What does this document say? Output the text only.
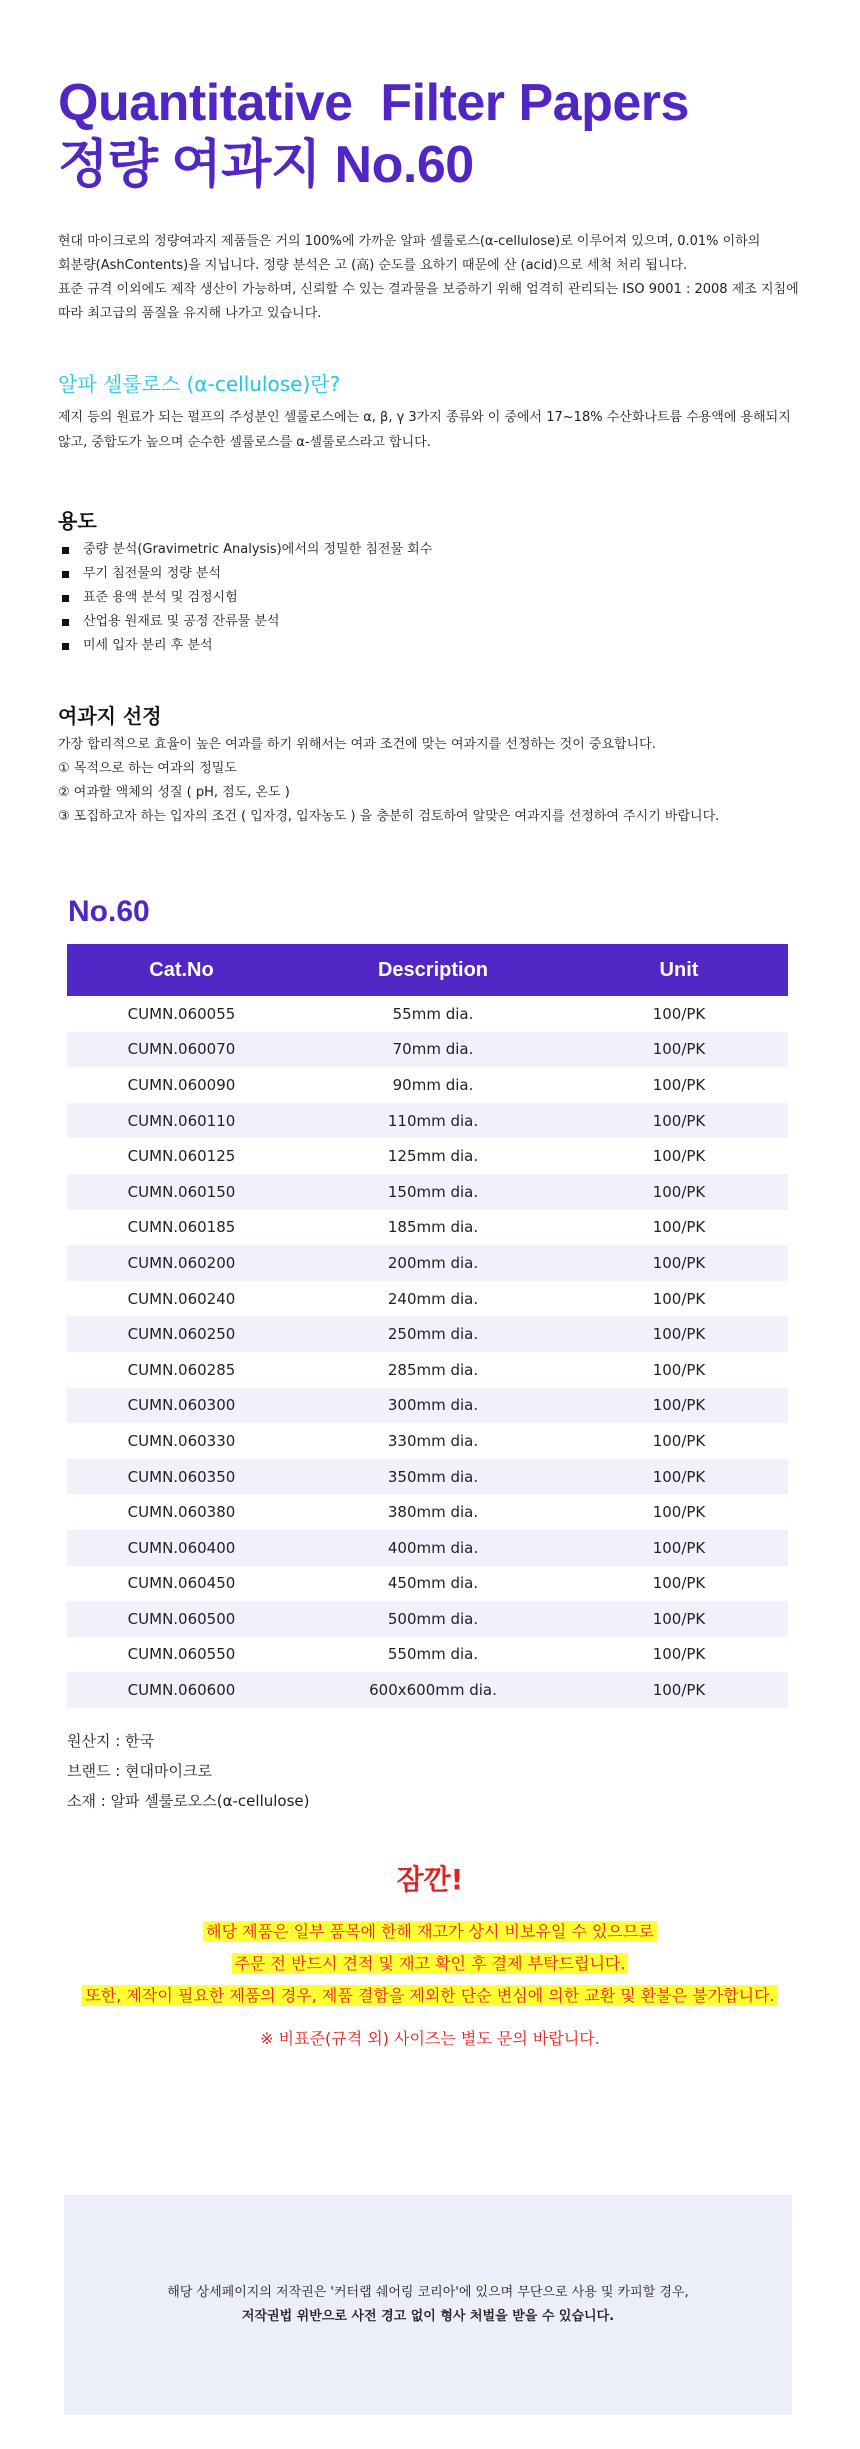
Quantitative  Filter Papers
정량 여과지 No.60

현대 마이크로의 정량여과지 제품들은 거의 100%에 가까운 알파 셀룰로스(α-cellulose)로 이루어져 있으며, 0.01% 이하의

회분량(AshContents)을 지닙니다. 정량 분석은 고 (高) 순도를 요하기 때문에 산 (acid)으로 세척 처리 됩니다.

표준 규격 이외에도 제작 생산이 가능하며, 신뢰할 수 있는 결과물을 보증하기 위해 엄격히 관리되는 ISO 9001 : 2008 제조 지침에

따라 최고급의 품질을 유지해 나가고 있습니다.

알파 셀룰로스 (α-cellulose)란?

제지 등의 원료가 되는 펄프의 주성분인 셀룰로스에는 α, β, γ 3가지 종류와 이 중에서 17~18% 수산화나트륨 수용액에 용해되지

않고, 중합도가 높으며 순수한 셀룰로스를 α-셀룰로스라고 합니다.

용도
중량 분석(Gravimetric Analysis)에서의 정밀한 침전물 회수
무기 침전물의 정량 분석
표준 용액 분석 및 검정시험
산업용 원재료 및 공정 잔류물 분석
미세 입자 분리 후 분석
여과지 선정

가장 합리적으로 효율이 높은 여과를 하기 위해서는 여과 조건에 맞는 여과지를 선정하는 것이 중요합니다.

① 목적으로 하는 여과의 정밀도

② 여과할 액체의 성질 ( pH, 점도, 온도 )

③ 포집하고자 하는 입자의 조건 ( 입자경, 입자농도 ) 을 충분히 검토하여 알맞은 여과지를 선정하여 주시기 바랍니다.

No.60
Cat.No	Description	Unit
CUMN.060055	55mm dia.	100/PK
CUMN.060070	70mm dia.	100/PK
CUMN.060090	90mm dia.	100/PK
CUMN.060110	110mm dia.	100/PK
CUMN.060125	125mm dia.	100/PK
CUMN.060150	150mm dia.	100/PK
CUMN.060185	185mm dia.	100/PK
CUMN.060200	200mm dia.	100/PK
CUMN.060240	240mm dia.	100/PK
CUMN.060250	250mm dia.	100/PK
CUMN.060285	285mm dia.	100/PK
CUMN.060300	300mm dia.	100/PK
CUMN.060330	330mm dia.	100/PK
CUMN.060350	350mm dia.	100/PK
CUMN.060380	380mm dia.	100/PK
CUMN.060400	400mm dia.	100/PK
CUMN.060450	450mm dia.	100/PK
CUMN.060500	500mm dia.	100/PK
CUMN.060550	550mm dia.	100/PK
CUMN.060600	600x600mm dia.	100/PK

원산지 : 한국

브랜드 : 현대마이크로

소재 : 알파 셀룰로오스(α-cellulose)

잠깐!

해당 제품은 일부 품목에 한해 재고가 상시 비보유일 수 있으므로

주문 전 반드시 견적 및 재고 확인 후 결제 부탁드립니다.

또한, 제작이 필요한 제품의 경우, 제품 결함을 제외한 단순 변심에 의한 교환 및 환불은 불가합니다.

※ 비표준(규격 외) 사이즈는 별도 문의 바랍니다.

해당 상세페이지의 저작권은 '커터랩 쉐어링 코리아'에 있으며 무단으로 사용 및 카피할 경우,

저작권법 위반으로 사전 경고 없이 형사 처벌을 받을 수 있습니다.
